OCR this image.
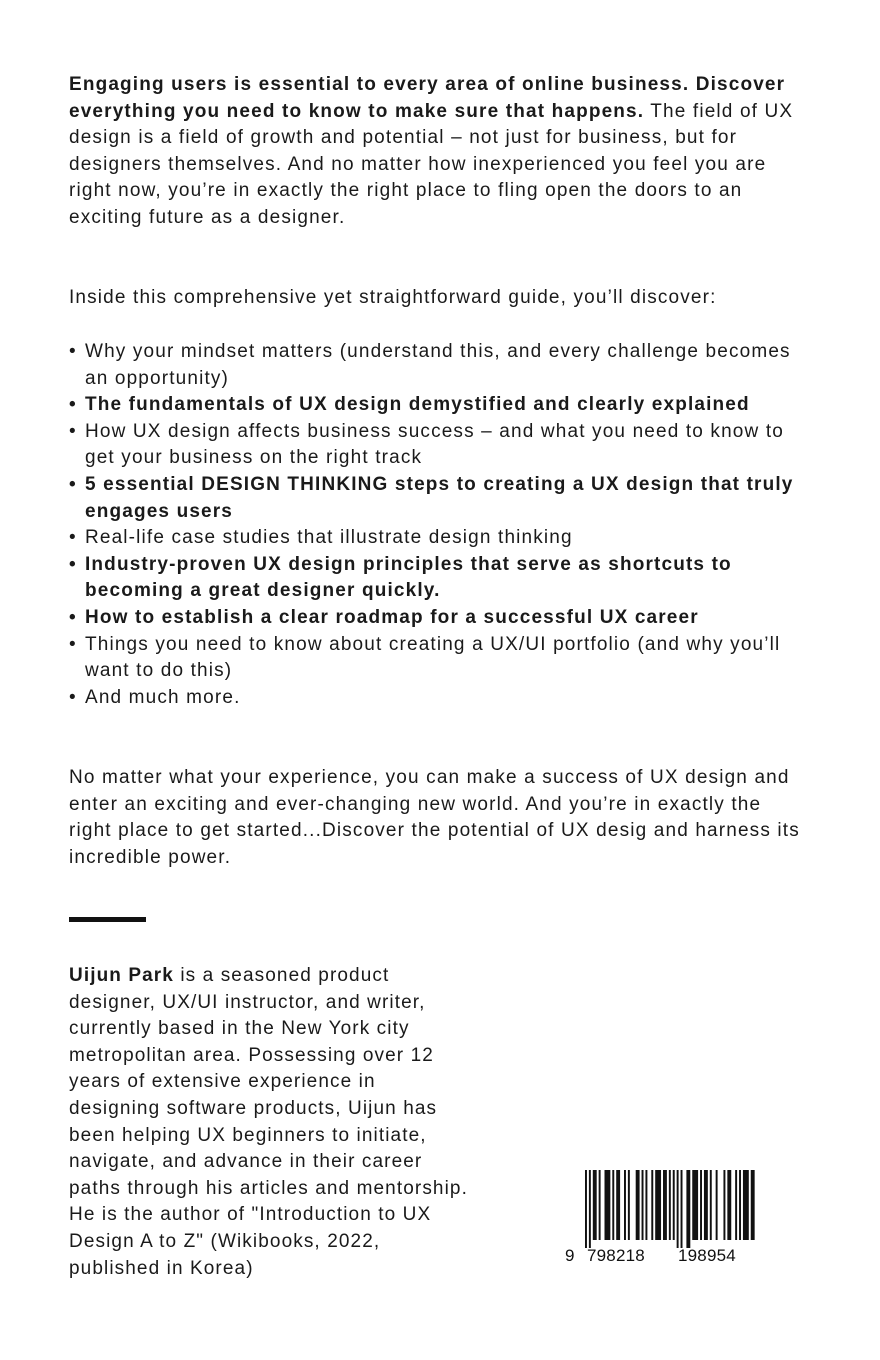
Engaging users is essential to every area of online business. Discover everything you need to know to make sure that happens. The field of UX design is a field of growth and potential – not just for business, but for designers themselves. And no matter how inexperienced you feel you are right now, you’re in exactly the right place to fling open the doors to an exciting future as a designer.

Inside this comprehensive yet straightforward guide, you’ll discover:

• Why your mindset matters (understand this, and every challenge becomes an opportunity)
• The fundamentals of UX design demystified and clearly explained
• How UX design affects business success – and what you need to know to get your business on the right track
• 5 essential DESIGN THINKING steps to creating a UX design that truly engages users
• Real-life case studies that illustrate design thinking
• Industry-proven UX design principles that serve as shortcuts to becoming a great designer quickly.
• How to establish a clear roadmap for a successful UX career
• Things you need to know about creating a UX/UI portfolio (and why you’ll want to do this)
• And much more.

No matter what your experience, you can make a success of UX design and enter an exciting and ever-changing new world. And you’re in exactly the right place to get started...Discover the potential of UX desig and harness its incredible power.

Uijun Park is a seasoned product designer, UX/UI instructor, and writer, currently based in the New York city metropolitan area. Possessing over 12 years of extensive experience in designing software products, Uijun has been helping UX beginners to initiate, navigate, and advance in their career paths through his articles and mentorship. He is the author of "Introduction to UX Design A to Z" (Wikibooks, 2022, published in Korea)

9 798218 198954
